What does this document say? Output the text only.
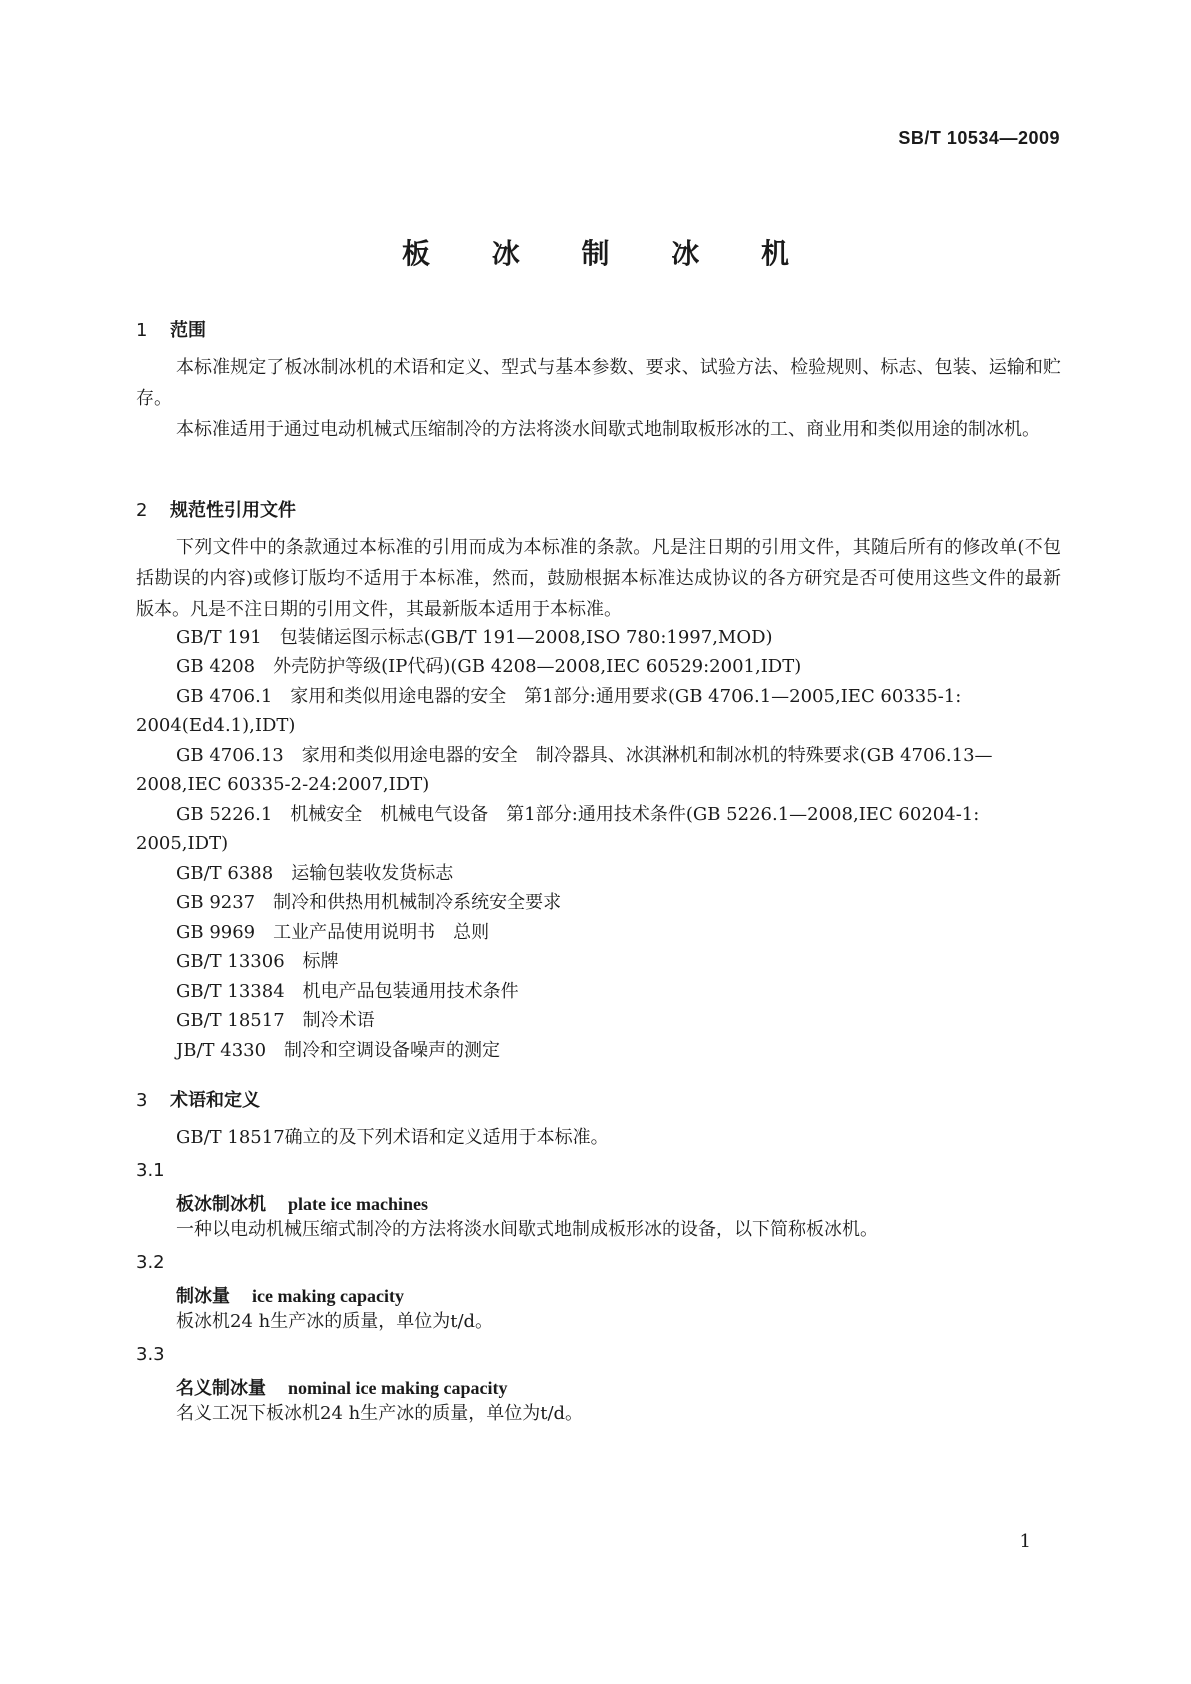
SB/T 10534—2009
板 冰 制 冰 机
1 范围
本标准规定了板冰制冰机的术语和定义、型式与基本参数、要求、试验方法、检验规则、标志、包装、运输和贮存。
本标准适用于通过电动机械式压缩制冷的方法将淡水间歇式地制取板形冰的工、商业用和类似用途的制冰机。
2 规范性引用文件
下列文件中的条款通过本标准的引用而成为本标准的条款。凡是注日期的引用文件，其随后所有的修改单(不包括勘误的内容)或修订版均不适用于本标准，然而，鼓励根据本标准达成协议的各方研究是否可使用这些文件的最新版本。凡是不注日期的引用文件，其最新版本适用于本标准。
GB/T 191　包装储运图示标志(GB/T 191—2008,ISO 780:1997,MOD)
GB 4208　外壳防护等级(IP代码)(GB 4208—2008,IEC 60529:2001,IDT)
GB 4706.1　家用和类似用途电器的安全　第1部分:通用要求(GB 4706.1—2005,IEC 60335-1:
2004(Ed4.1),IDT)
GB 4706.13　家用和类似用途电器的安全　制冷器具、冰淇淋机和制冰机的特殊要求(GB 4706.13—
2008,IEC 60335-2-24:2007,IDT)
GB 5226.1　机械安全　机械电气设备　第1部分:通用技术条件(GB 5226.1—2008,IEC 60204-1:
2005,IDT)
GB/T 6388　运输包装收发货标志
GB 9237　制冷和供热用机械制冷系统安全要求
GB 9969　工业产品使用说明书　总则
GB/T 13306　标牌
GB/T 13384　机电产品包装通用技术条件
GB/T 18517　制冷术语
JB/T 4330　制冷和空调设备噪声的测定
3 术语和定义
GB/T 18517确立的及下列术语和定义适用于本标准。
3.1
板冰制冰机 plate ice machines
一种以电动机械压缩式制冷的方法将淡水间歇式地制成板形冰的设备，以下简称板冰机。
3.2
制冰量 ice making capacity
板冰机24 h生产冰的质量，单位为t/d。
3.3
名义制冰量 nominal ice making capacity
名义工况下板冰机24 h生产冰的质量，单位为t/d。
1
